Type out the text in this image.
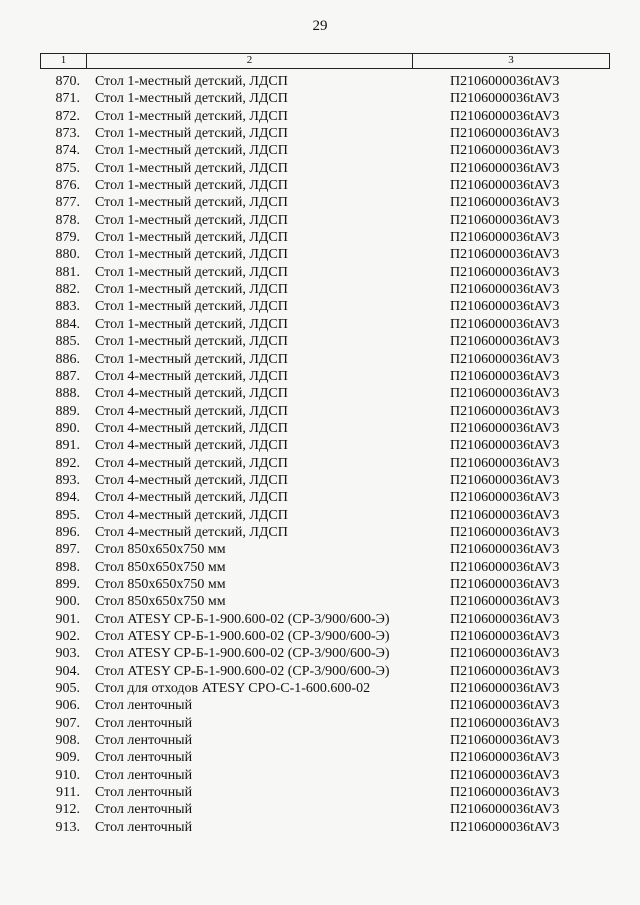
29
1	2	3
870.	Стол 1-местный детский, ЛДСП	П2106000036tAV3
871.	Стол 1-местный детский, ЛДСП	П2106000036tAV3
872.	Стол 1-местный детский, ЛДСП	П2106000036tAV3
873.	Стол 1-местный детский, ЛДСП	П2106000036tAV3
874.	Стол 1-местный детский, ЛДСП	П2106000036tAV3
875.	Стол 1-местный детский, ЛДСП	П2106000036tAV3
876.	Стол 1-местный детский, ЛДСП	П2106000036tAV3
877.	Стол 1-местный детский, ЛДСП	П2106000036tAV3
878.	Стол 1-местный детский, ЛДСП	П2106000036tAV3
879.	Стол 1-местный детский, ЛДСП	П2106000036tAV3
880.	Стол 1-местный детский, ЛДСП	П2106000036tAV3
881.	Стол 1-местный детский, ЛДСП	П2106000036tAV3
882.	Стол 1-местный детский, ЛДСП	П2106000036tAV3
883.	Стол 1-местный детский, ЛДСП	П2106000036tAV3
884.	Стол 1-местный детский, ЛДСП	П2106000036tAV3
885.	Стол 1-местный детский, ЛДСП	П2106000036tAV3
886.	Стол 1-местный детский, ЛДСП	П2106000036tAV3
887.	Стол 4-местный детский, ЛДСП	П2106000036tAV3
888.	Стол 4-местный детский, ЛДСП	П2106000036tAV3
889.	Стол 4-местный детский, ЛДСП	П2106000036tAV3
890.	Стол 4-местный детский, ЛДСП	П2106000036tAV3
891.	Стол 4-местный детский, ЛДСП	П2106000036tAV3
892.	Стол 4-местный детский, ЛДСП	П2106000036tAV3
893.	Стол 4-местный детский, ЛДСП	П2106000036tAV3
894.	Стол 4-местный детский, ЛДСП	П2106000036tAV3
895.	Стол 4-местный детский, ЛДСП	П2106000036tAV3
896.	Стол 4-местный детский, ЛДСП	П2106000036tAV3
897.	Стол 850х650х750 мм	П2106000036tAV3
898.	Стол 850х650х750 мм	П2106000036tAV3
899.	Стол 850х650х750 мм	П2106000036tAV3
900.	Стол 850х650х750 мм	П2106000036tAV3
901.	Стол ATESY СР-Б-1-900.600-02 (СР-3/900/600-Э)	П2106000036tAV3
902.	Стол ATESY СР-Б-1-900.600-02 (СР-3/900/600-Э)	П2106000036tAV3
903.	Стол ATESY СР-Б-1-900.600-02 (СР-3/900/600-Э)	П2106000036tAV3
904.	Стол ATESY СР-Б-1-900.600-02 (СР-3/900/600-Э)	П2106000036tAV3
905.	Стол для отходов ATESY СРО-С-1-600.600-02	П2106000036tAV3
906.	Стол ленточный	П2106000036tAV3
907.	Стол ленточный	П2106000036tAV3
908.	Стол ленточный	П2106000036tAV3
909.	Стол ленточный	П2106000036tAV3
910.	Стол ленточный	П2106000036tAV3
911.	Стол ленточный	П2106000036tAV3
912.	Стол ленточный	П2106000036tAV3
913.	Стол ленточный	П2106000036tAV3
